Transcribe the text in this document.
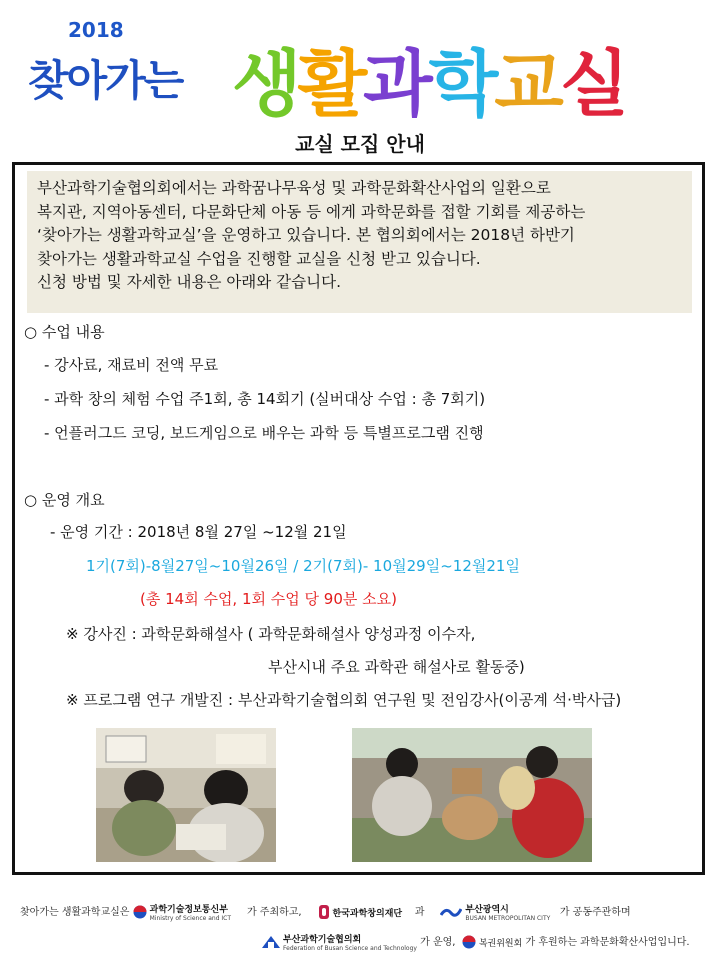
2018
찾아가는 생활과학교실
교실 모집 안내

부산과학기술협의회에서는 과학꿈나무육성 및 과학문화확산사업의 일환으로

복지관, 지역아동센터, 다문화단체 아동 등 에게 과학문화를 접할 기회를 제공하는

‘찾아가는 생활과학교실’을 운영하고 있습니다. 본 협의회에서는 2018년 하반기

찾아가는 생활과학교실 수업을 진행할 교실을 신청 받고 있습니다.

신청 방법 및 자세한 내용은 아래와 같습니다.

○ 수업 내용
- 강사료, 재료비 전액 무료
- 과학 창의 체험 수업 주1회, 총 14회기 (실버대상 수업 : 총 7회기)
- 언플러그드 코딩, 보드게임으로 배우는 과학 등 특별프로그램 진행
○ 운영 개요
- 운영 기간 : 2018년 8월 27일 ~12월 21일
1기(7회)-8월27일~10월26일 / 2기(7회)- 10월29일~12월21일
(총 14회 수업, 1회 수업 당 90분 소요)
※ 강사진 : 과학문화해설사 ( 과학문화해설사 양성과정 이수자,
부산시내 주요 과학관 해설사로 활동중)
※ 프로그램 연구 개발진 : 부산과학기술협의회 연구원 및 전임강사(이공계 석·박사급)
찾아가는 생활과학교실은 과학기술정보통신부
Ministry of Science and ICT
가 주최하고,	한국과학창의재단 과	부산광역시
BUSAN METROPOLITAN CITY
가 공동주관하며
부산과학기술협의회
Federation of Busan Science and Technology
가 운영,	복권위원회 가 후원하는 과학문화확산사업입니다.
